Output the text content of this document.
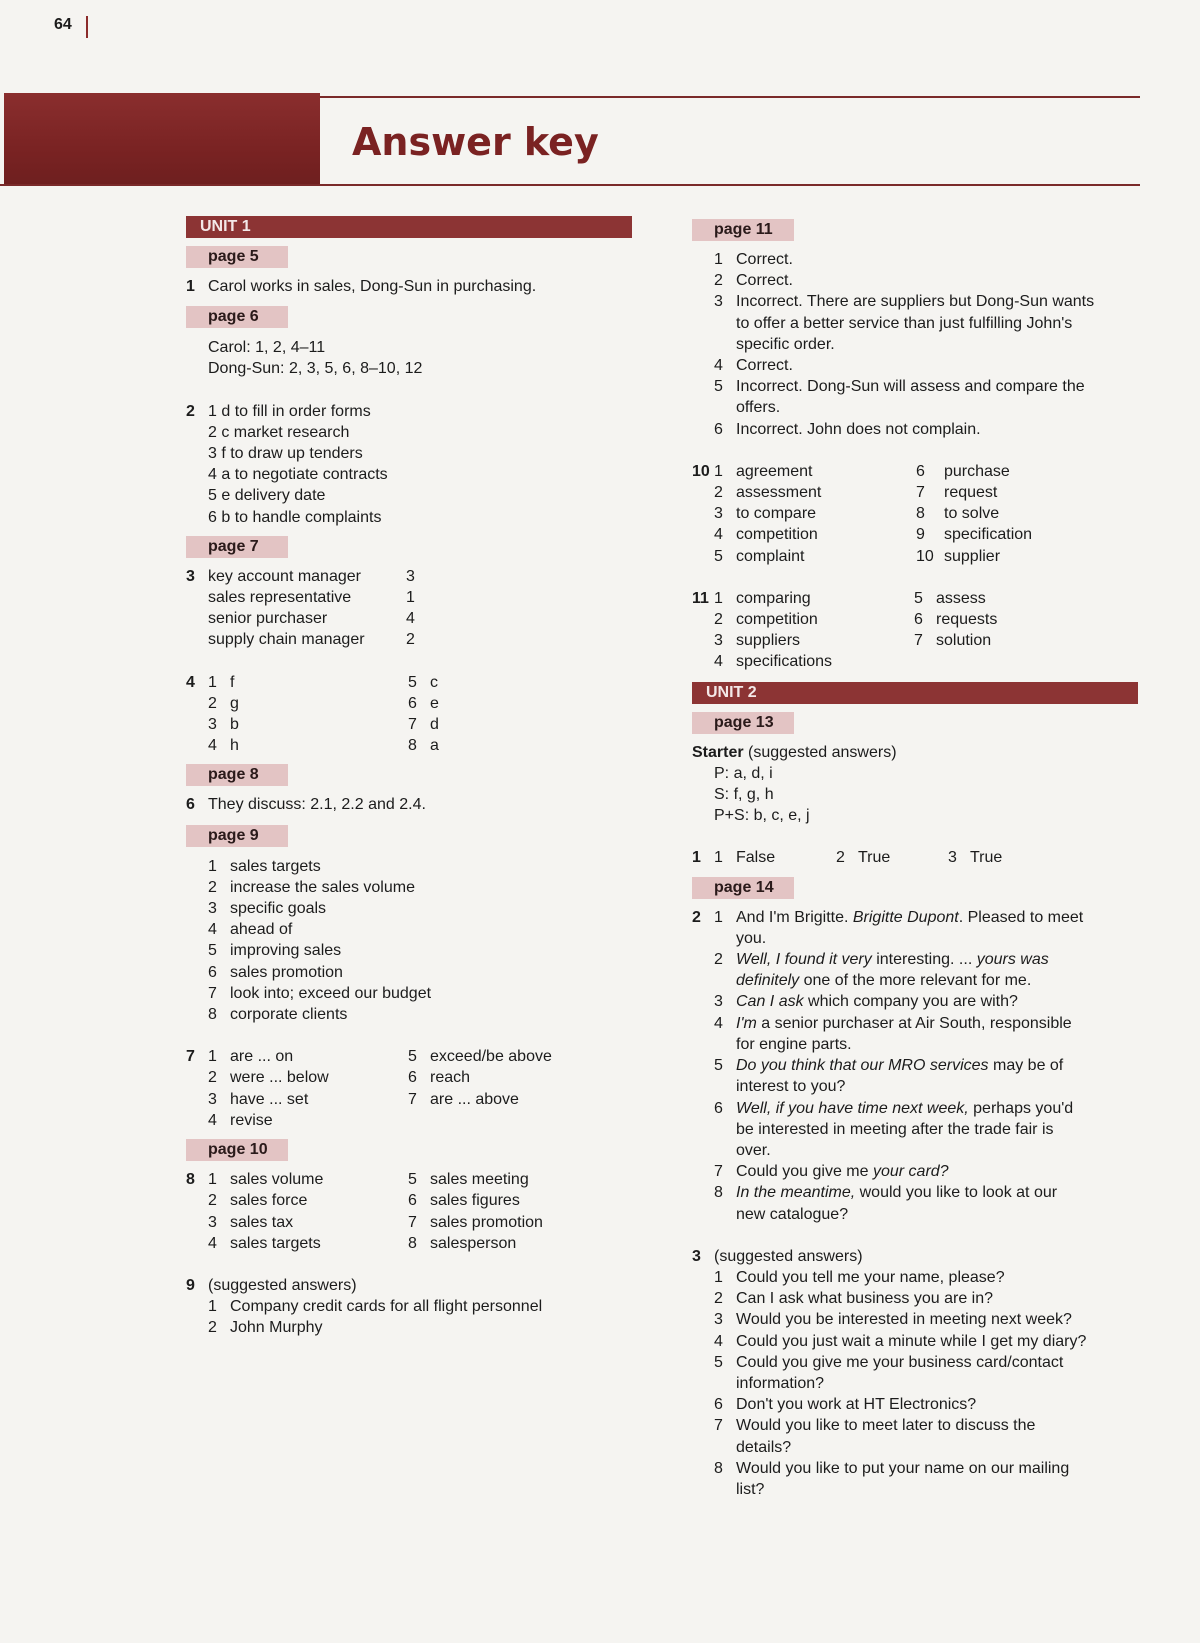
64
Answer key
UNIT 1
page 5
1 Carol works in sales, Dong-Sun in purchasing.
page 6
Carol: 1, 2, 4–11
Dong-Sun: 2, 3, 5, 6, 8–10, 12
2 1 d to fill in order forms
2 c market research
3 f to draw up tenders
4 a to negotiate contracts
5 e delivery date
6 b to handle complaints
page 7
3 key account manager	3
sales representative	1
senior purchaser	4
supply chain manager	2
4 1 f	5 c
2 g	6 e
3 b	7 d
4 h	8 a
page 8
6 They discuss: 2.1, 2.2 and 2.4.
page 9
1 sales targets
2 increase the sales volume
3 specific goals
4 ahead of
5 improving sales
6 sales promotion
7 look into; exceed our budget
8 corporate clients
7 1 are ... on	5 exceed/be above
2 were ... below	6 reach
3 have ... set	7 are ... above
4 revise
page 10
8 1 sales volume	5 sales meeting
2 sales force	6 sales figures
3 sales tax	7 sales promotion
4 sales targets	8 salesperson
9 (suggested answers)
1 Company credit cards for all flight personnel
2 John Murphy
page 11
1 Correct.
2 Correct.
3 Incorrect. There are suppliers but Dong-Sun wants
to offer a better service than just fulfilling John's
specific order.
4 Correct.
5 Incorrect. Dong-Sun will assess and compare the
offers.
6 Incorrect. John does not complain.
10 1 agreement	6 purchase
2 assessment	7 request
3 to compare	8 to solve
4 competition	9 specification
5 complaint	10 supplier
11 1 comparing	5 assess
2 competition	6 requests
3 suppliers	7 solution
4 specifications
UNIT 2
page 13
Starter (suggested answers)
P: a, d, i
S: f, g, h
P+S: b, c, e, j
1 1 False	2 True	3 True
page 14
2 1 And I'm Brigitte. Brigitte Dupont. Pleased to meet
you.
2 Well, I found it very interesting. ... yours was
definitely one of the more relevant for me.
3 Can I ask which company you are with?
4 I'm a senior purchaser at Air South, responsible
for engine parts.
5 Do you think that our MRO services may be of
interest to you?
6 Well, if you have time next week, perhaps you'd
be interested in meeting after the trade fair is
over.
7 Could you give me your card?
8 In the meantime, would you like to look at our
new catalogue?
3 (suggested answers)
1 Could you tell me your name, please?
2 Can I ask what business you are in?
3 Would you be interested in meeting next week?
4 Could you just wait a minute while I get my diary?
5 Could you give me your business card/contact
information?
6 Don't you work at HT Electronics?
7 Would you like to meet later to discuss the
details?
8 Would you like to put your name on our mailing
list?
